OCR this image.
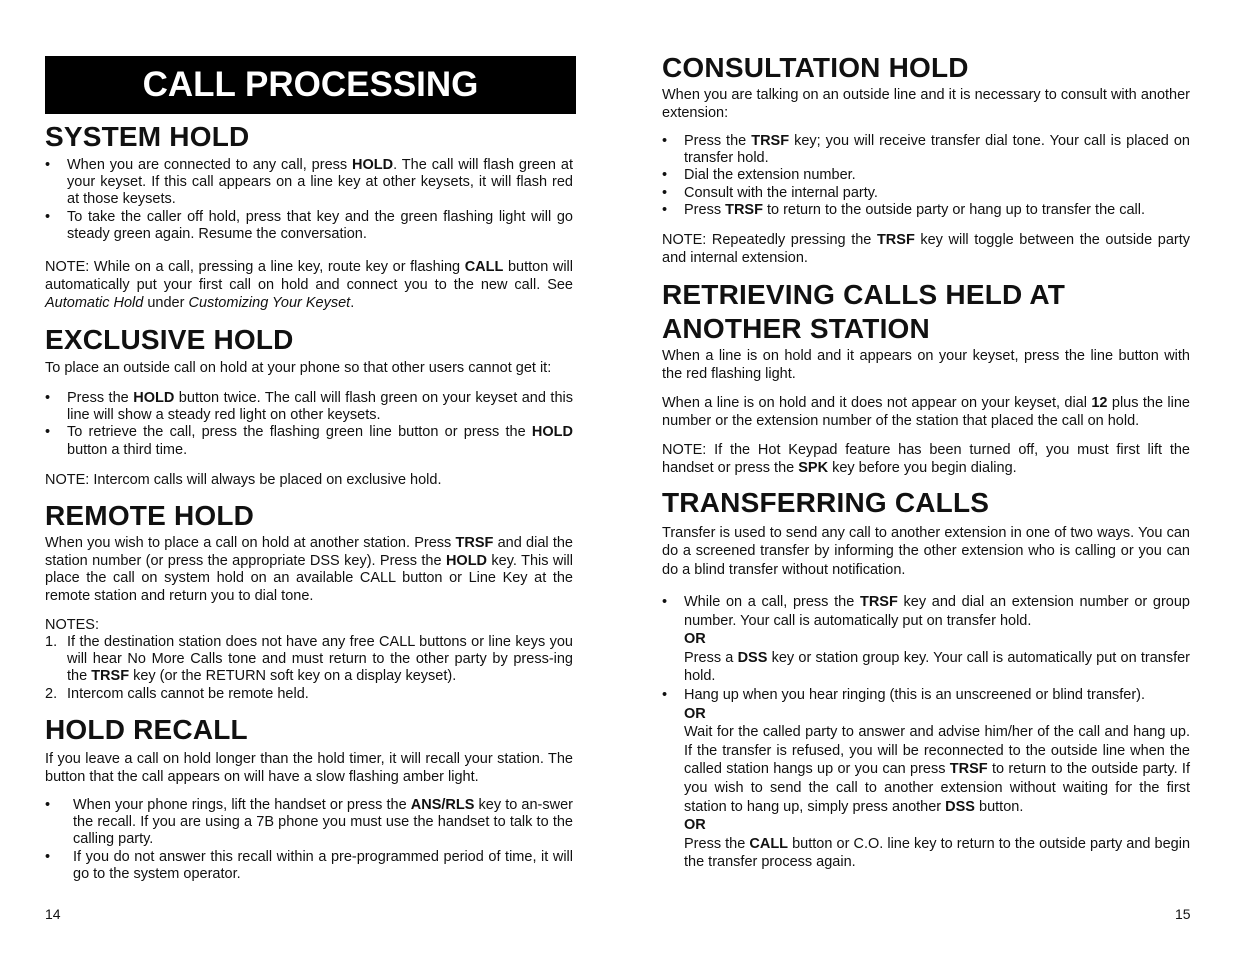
CALL PROCESSING
SYSTEM HOLD
• When you are connected to any call, press HOLD. The call will flash green at your keyset. If this call appears on a line key at other keysets, it will flash red at those keysets.
• To take the caller off hold, press that key and the green flashing light will go steady green again. Resume the conversation.

NOTE: While on a call, pressing a line key, route key or flashing CALL button will automatically put your first call on hold and connect you to the new call. See Automatic Hold under Customizing Your Keyset.

EXCLUSIVE HOLD

To place an outside call on hold at your phone so that other users cannot get it:

• Press the HOLD button twice. The call will flash green on your keyset and this line will show a steady red light on other keysets.
• To retrieve the call, press the flashing green line button or press the HOLD button a third time.

NOTE: Intercom calls will always be placed on exclusive hold.

REMOTE HOLD

When you wish to place a call on hold at another station. Press TRSF and dial the station number (or press the appropriate DSS key). Press the HOLD key. This will place the call on system hold on an available CALL button or Line Key at the remote station and return you to dial tone.

NOTES:

1. If the destination station does not have any free CALL buttons or line keys you will hear No More Calls tone and must return to the other party by press-ing the TRSF key (or the RETURN soft key on a display keyset).
2. Intercom calls cannot be remote held.
HOLD RECALL

If you leave a call on hold longer than the hold timer, it will recall your station. The button that the call appears on will have a slow flashing amber light.

• When your phone rings, lift the handset or press the ANS/RLS key to an-swer the recall. If you are using a 7B phone you must use the handset to talk to the calling party.
• If you do not answer this recall within a pre-programmed period of time, it will go to the system operator.
14
CONSULTATION HOLD

When you are talking on an outside line and it is necessary to consult with another extension:

• Press the TRSF key; you will receive transfer dial tone. Your call is placed on transfer hold.
• Dial the extension number.
• Consult with the internal party.
• Press TRSF to return to the outside party or hang up to transfer the call.

NOTE: Repeatedly pressing the TRSF key will toggle between the outside party and internal extension.

RETRIEVING CALLS HELD AT
ANOTHER STATION

When a line is on hold and it appears on your keyset, press the line button with the red flashing light.

When a line is on hold and it does not appear on your keyset, dial 12 plus the line number or the extension number of the station that placed the call on hold.

NOTE: If the Hot Keypad feature has been turned off, you must first lift the handset or press the SPK key before you begin dialing.

TRANSFERRING CALLS

Transfer is used to send any call to another extension in one of two ways. You can do a screened transfer by informing the other extension who is calling or you can do a blind transfer without notification.

• While on a call, press the TRSF key and dial an extension number or group number. Your call is automatically put on transfer hold.
OR
Press a DSS key or station group key. Your call is automatically put on transfer hold.
• Hang up when you hear ringing (this is an unscreened or blind transfer).
OR
Wait for the called party to answer and advise him/her of the call and hang up. If the transfer is refused, you will be reconnected to the outside line when the called station hangs up or you can press TRSF to return to the outside party. If you wish to send the call to another extension without waiting for the first station to hang up, simply press another DSS button.
OR
Press the CALL button or C.O. line key to return to the outside party and begin the transfer process again.
15
